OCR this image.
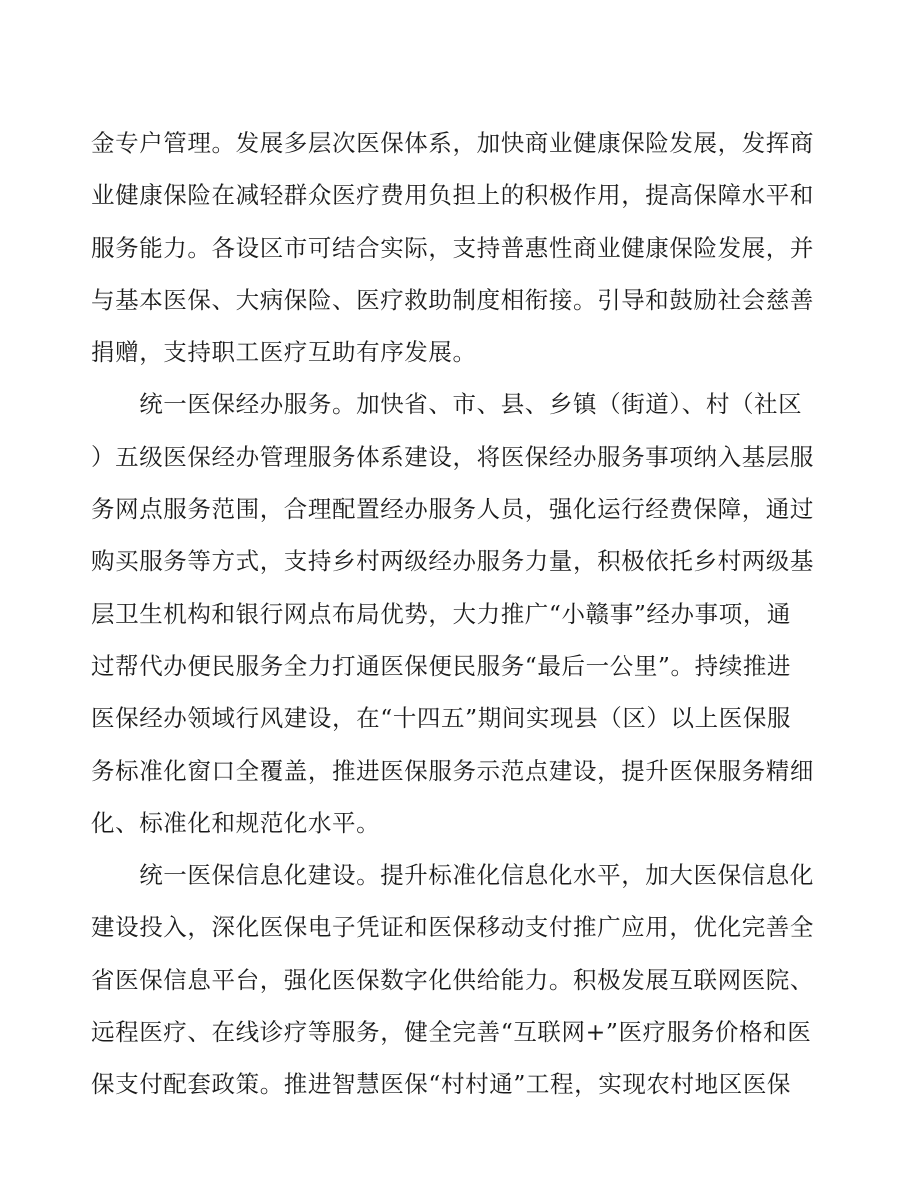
金专户管理。发展多层次医保体系，加快商业健康保险发展，发挥商
业健康保险在减轻群众医疗费用负担上的积极作用，提高保障水平和
服务能力。各设区市可结合实际，支持普惠性商业健康保险发展，并
与基本医保、大病保险、医疗救助制度相衔接。引导和鼓励社会慈善
捐赠，支持职工医疗互助有序发展。
　　统一医保经办服务。加快省、市、县、乡镇（街道）、村（社区
）五级医保经办管理服务体系建设，将医保经办服务事项纳入基层服
务网点服务范围，合理配置经办服务人员，强化运行经费保障，通过
购买服务等方式，支持乡村两级经办服务力量，积极依托乡村两级基
层卫生机构和银行网点布局优势，大力推广“小赣事”经办事项，通
过帮代办便民服务全力打通医保便民服务“最后一公里”。持续推进
医保经办领域行风建设，在“十四五”期间实现县（区）以上医保服
务标准化窗口全覆盖，推进医保服务示范点建设，提升医保服务精细
化、标准化和规范化水平。
　　统一医保信息化建设。提升标准化信息化水平，加大医保信息化
建设投入，深化医保电子凭证和医保移动支付推广应用，优化完善全
省医保信息平台，强化医保数字化供给能力。积极发展互联网医院、
远程医疗、在线诊疗等服务，健全完善“互联网+”医疗服务价格和医
保支付配套政策。推进智慧医保“村村通”工程，实现农村地区医保
